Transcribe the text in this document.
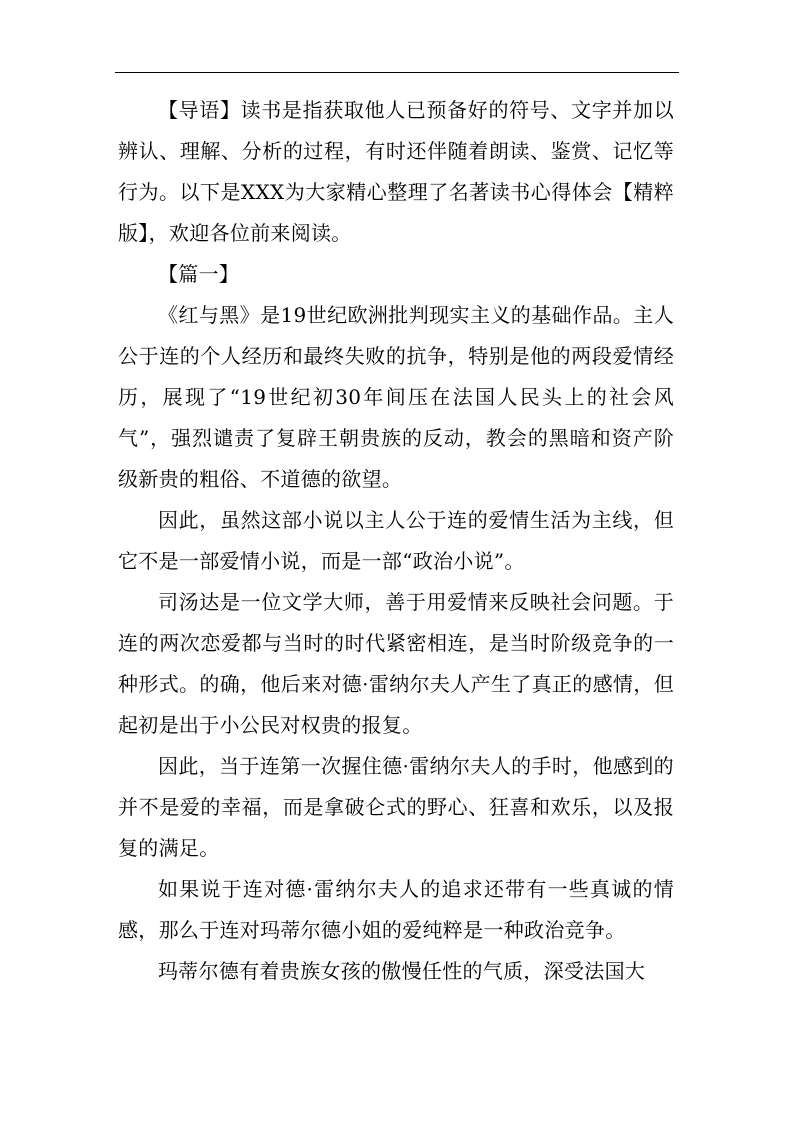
【导语】读书是指获取他人已预备好的符号、文字并加以辨认、理解、分析的过程，有时还伴随着朗读、鉴赏、记忆等行为。以下是XXX为大家精心整理了名著读书心得体会【精粹版】，欢迎各位前来阅读。

【篇一】

《红与黑》是19世纪欧洲批判现实主义的基础作品。主人公于连的个人经历和最终失败的抗争，特别是他的两段爱情经历，展现了“19世纪初30年间压在法国人民头上的社会风气”，强烈谴责了复辟王朝贵族的反动，教会的黑暗和资产阶级新贵的粗俗、不道德的欲望。

因此，虽然这部小说以主人公于连的爱情生活为主线，但它不是一部爱情小说，而是一部“政治小说”。

司汤达是一位文学大师，善于用爱情来反映社会问题。于连的两次恋爱都与当时的时代紧密相连，是当时阶级竞争的一种形式。的确，他后来对德·雷纳尔夫人产生了真正的感情，但起初是出于小公民对权贵的报复。

因此，当于连第一次握住德·雷纳尔夫人的手时，他感到的并不是爱的幸福，而是拿破仑式的野心、狂喜和欢乐，以及报复的满足。

如果说于连对德·雷纳尔夫人的追求还带有一些真诚的情感，那么于连对玛蒂尔德小姐的爱纯粹是一种政治竞争。

玛蒂尔德有着贵族女孩的傲慢任性的气质，深受法国大
